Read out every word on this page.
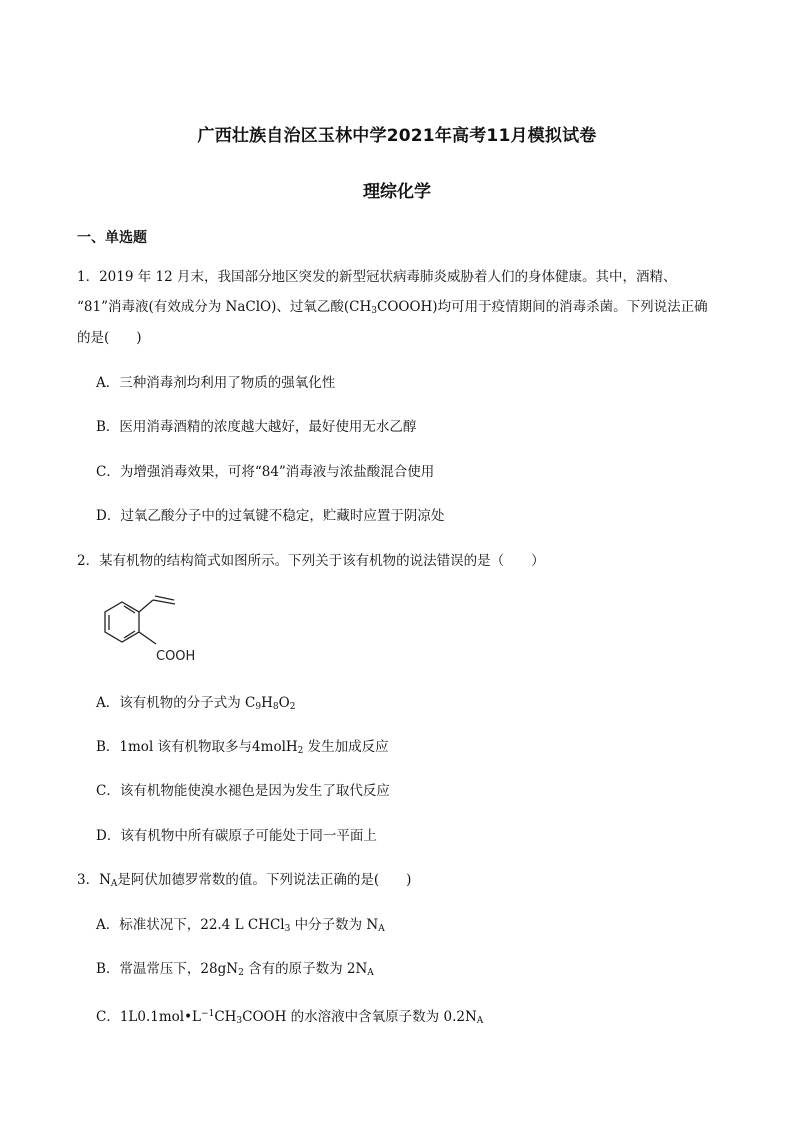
广西壮族自治区玉林中学2021年高考11月模拟试卷
理综化学
一、单选题
1．2019 年 12 月末，我国部分地区突发的新型冠状病毒肺炎威胁着人们的身体健康。其中，酒精、
“81”消毒液(有效成分为 NaClO)、过氧乙酸$(CH_3COOOH)$均可用于疫情期间的消毒杀菌。下列说法正确
的是(　　)
A．三种消毒剂均利用了物质的强氧化性
B．医用消毒酒精的浓度越大越好，最好使用无水乙醇
C．为增强消毒效果，可将“84”消毒液与浓盐酸混合使用
D．过氧乙酸分子中的过氧键不稳定，贮藏时应置于阴凉处
2．某有机物的结构简式如图所示。下列关于该有机物的说法错误的是（　　）
COOH
A．该有机物的分子式为 $C_9H_8O_2$
B．1mol 该有机物取多与4molH$_2$ 发生加成反应
C．该有机物能使溴水褪色是因为发生了取代反应
D．该有机物中所有碳原子可能处于同一平面上
3．$N_A$是阿伏加德罗常数的值。下列说法正确的是(　　)
A．标准状况下，22.4 L CHCl$_3$ 中分子数为 $N_A$
B．常温常压下，$28gN_2$ 含有的原子数为 $2N_A$
C．$1L0.1mol•L^{-1}CH_3COOH$ 的水溶液中含氧原子数为 $0.2N_A$
